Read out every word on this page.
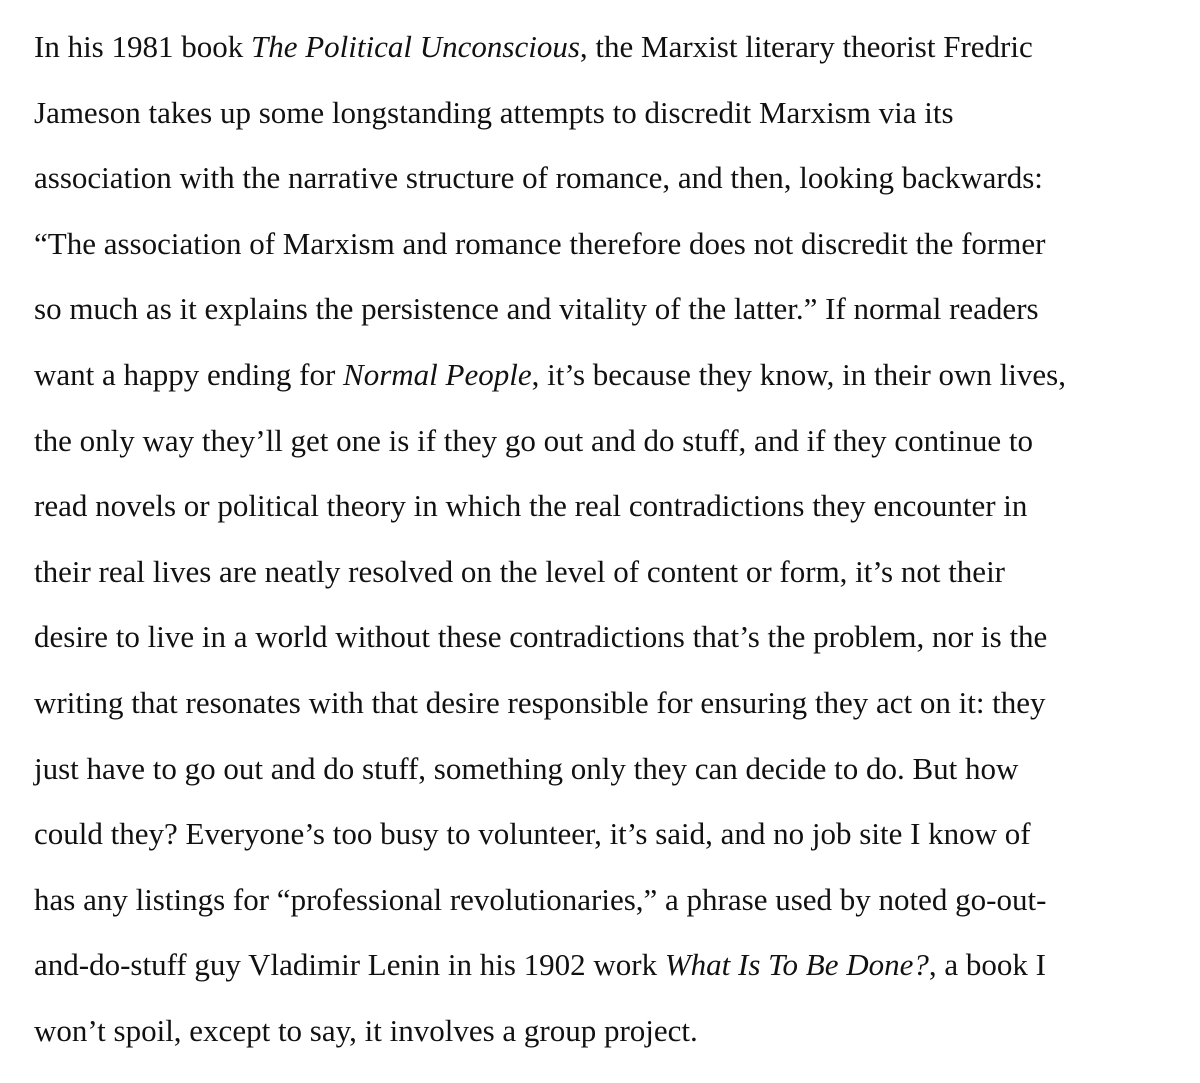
In his 1981 book The Political Unconscious, the Marxist literary theorist Fredric
Jameson takes up some longstanding attempts to discredit Marxism via its
association with the narrative structure of romance, and then, looking backwards:
“The association of Marxism and romance therefore does not discredit the former
so much as it explains the persistence and vitality of the latter.” If normal readers
want a happy ending for Normal People, it’s because they know, in their own lives,
the only way they’ll get one is if they go out and do stuff, and if they continue to
read novels or political theory in which the real contradictions they encounter in
their real lives are neatly resolved on the level of content or form, it’s not their
desire to live in a world without these contradictions that’s the problem, nor is the
writing that resonates with that desire responsible for ensuring they act on it: they
just have to go out and do stuff, something only they can decide to do. But how
could they? Everyone’s too busy to volunteer, it’s said, and no job site I know of
has any listings for “professional revolutionaries,” a phrase used by noted go-out-
and-do-stuff guy Vladimir Lenin in his 1902 work What Is To Be Done?, a book I
won’t spoil, except to say, it involves a group project.
